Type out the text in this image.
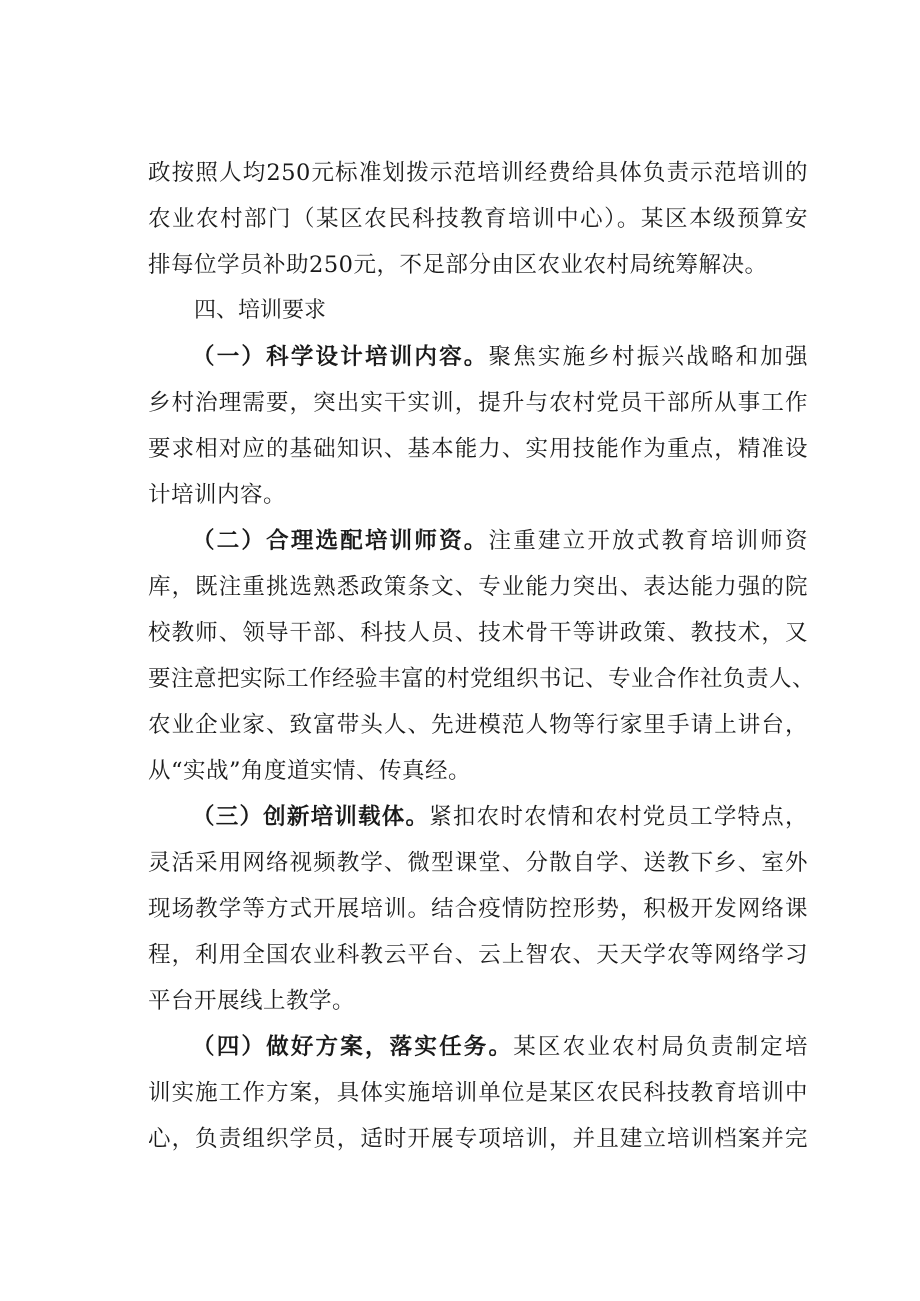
政按照人均250元标准划拨示范培训经费给具体负责示范培训的
农业农村部门（某区农民科技教育培训中心）。某区本级预算安
排每位学员补助250元，不足部分由区农业农村局统筹解决。
四、培训要求
（一）科学设计培训内容。聚焦实施乡村振兴战略和加强
乡村治理需要，突出实干实训，提升与农村党员干部所从事工作
要求相对应的基础知识、基本能力、实用技能作为重点，精准设
计培训内容。
（二）合理选配培训师资。注重建立开放式教育培训师资
库，既注重挑选熟悉政策条文、专业能力突出、表达能力强的院
校教师、领导干部、科技人员、技术骨干等讲政策、教技术，又
要注意把实际工作经验丰富的村党组织书记、专业合作社负责人、
农业企业家、致富带头人、先进模范人物等行家里手请上讲台，
从“实战”角度道实情、传真经。
（三）创新培训载体。紧扣农时农情和农村党员工学特点，
灵活采用网络视频教学、微型课堂、分散自学、送教下乡、室外
现场教学等方式开展培训。结合疫情防控形势，积极开发网络课
程，利用全国农业科教云平台、云上智农、天天学农等网络学习
平台开展线上教学。
（四）做好方案，落实任务。某区农业农村局负责制定培
训实施工作方案，具体实施培训单位是某区农民科技教育培训中
心，负责组织学员，适时开展专项培训，并且建立培训档案并完
